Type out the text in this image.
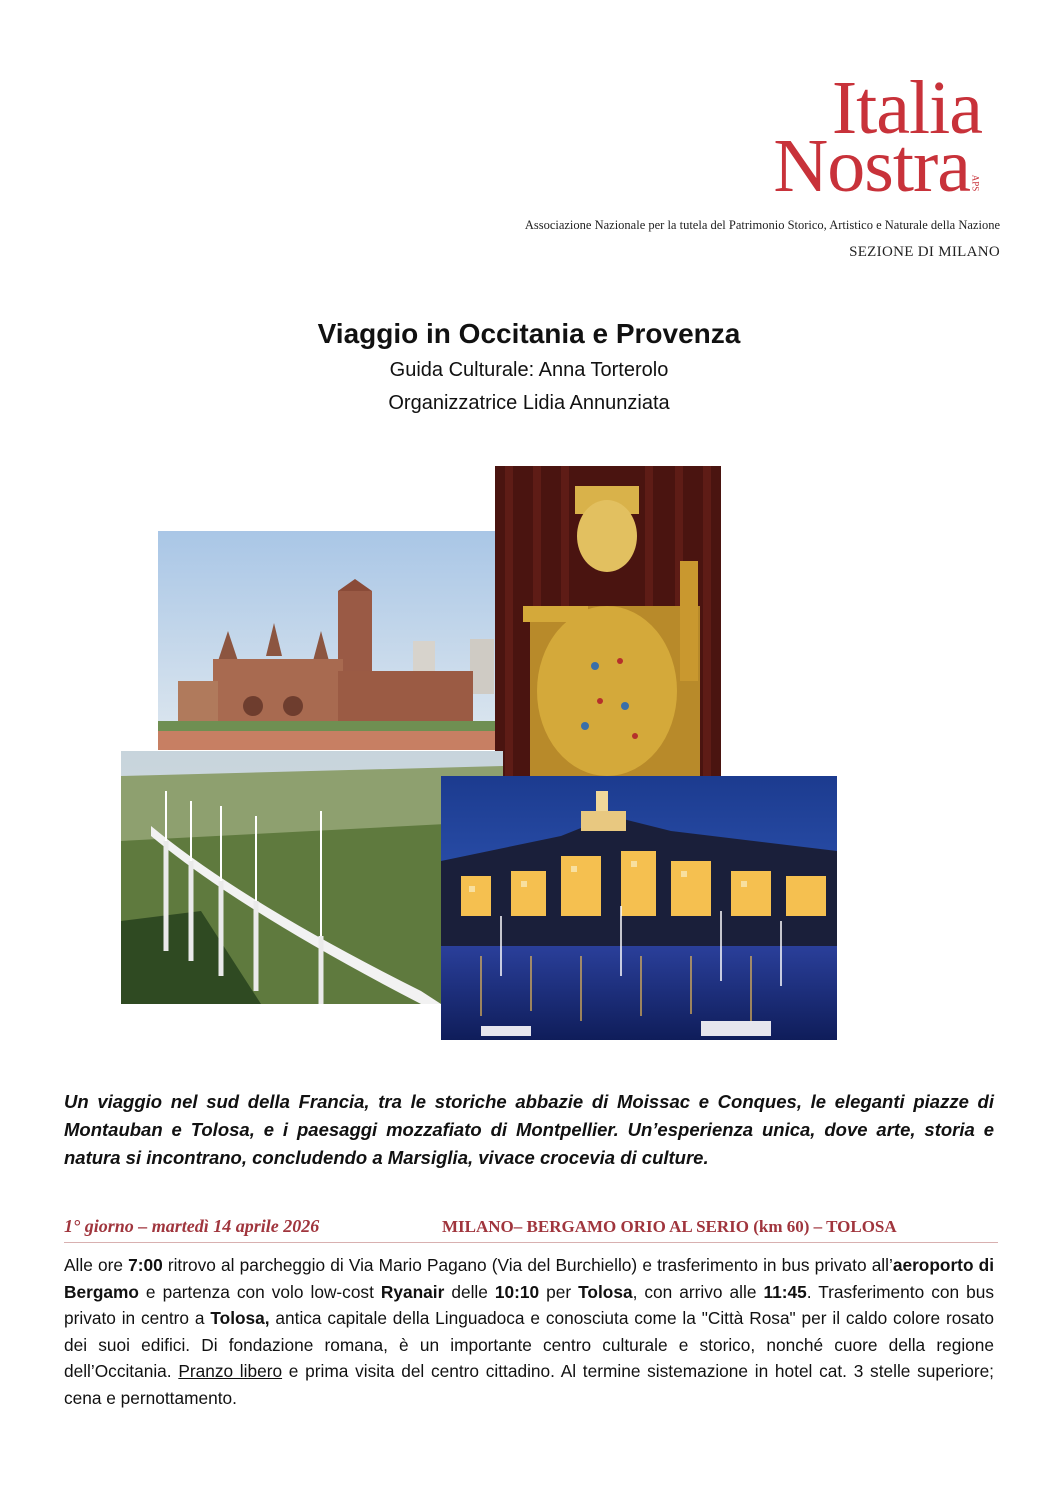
Italia
Nostra APS
Associazione Nazionale per la tutela del Patrimonio Storico, Artistico e Naturale della Nazione
SEZIONE DI MILANO
Viaggio in Occitania e Provenza
Guida Culturale: Anna Torterolo
Organizzatrice Lidia Annunziata
Un viaggio nel sud della Francia, tra le storiche abbazie di Moissac e Conques, le eleganti piazze di Montauban e Tolosa, e i paesaggi mozzafiato di Montpellier. Un’esperienza unica, dove arte, storia e natura si incontrano, concludendo a Marsiglia, vivace crocevia di culture.
1° giorno – martedì 14 aprile 2026	MILANO– BERGAMO ORIO AL SERIO (km 60) – TOLOSA
Alle ore 7:00 ritrovo al parcheggio di Via Mario Pagano (Via del Burchiello) e trasferimento in bus privato all’aeroporto di Bergamo e partenza con volo low-cost Ryanair delle 10:10 per Tolosa, con arrivo alle 11:45. Trasferimento con bus privato in centro a Tolosa, antica capitale della Linguadoca e conosciuta come la "Città Rosa" per il caldo colore rosato dei suoi edifici. Di fondazione romana, è un importante centro culturale e storico, nonché cuore della regione dell’Occitania. Pranzo libero e prima visita del centro cittadino. Al termine sistemazione in hotel cat. 3 stelle superiore; cena e pernottamento.
